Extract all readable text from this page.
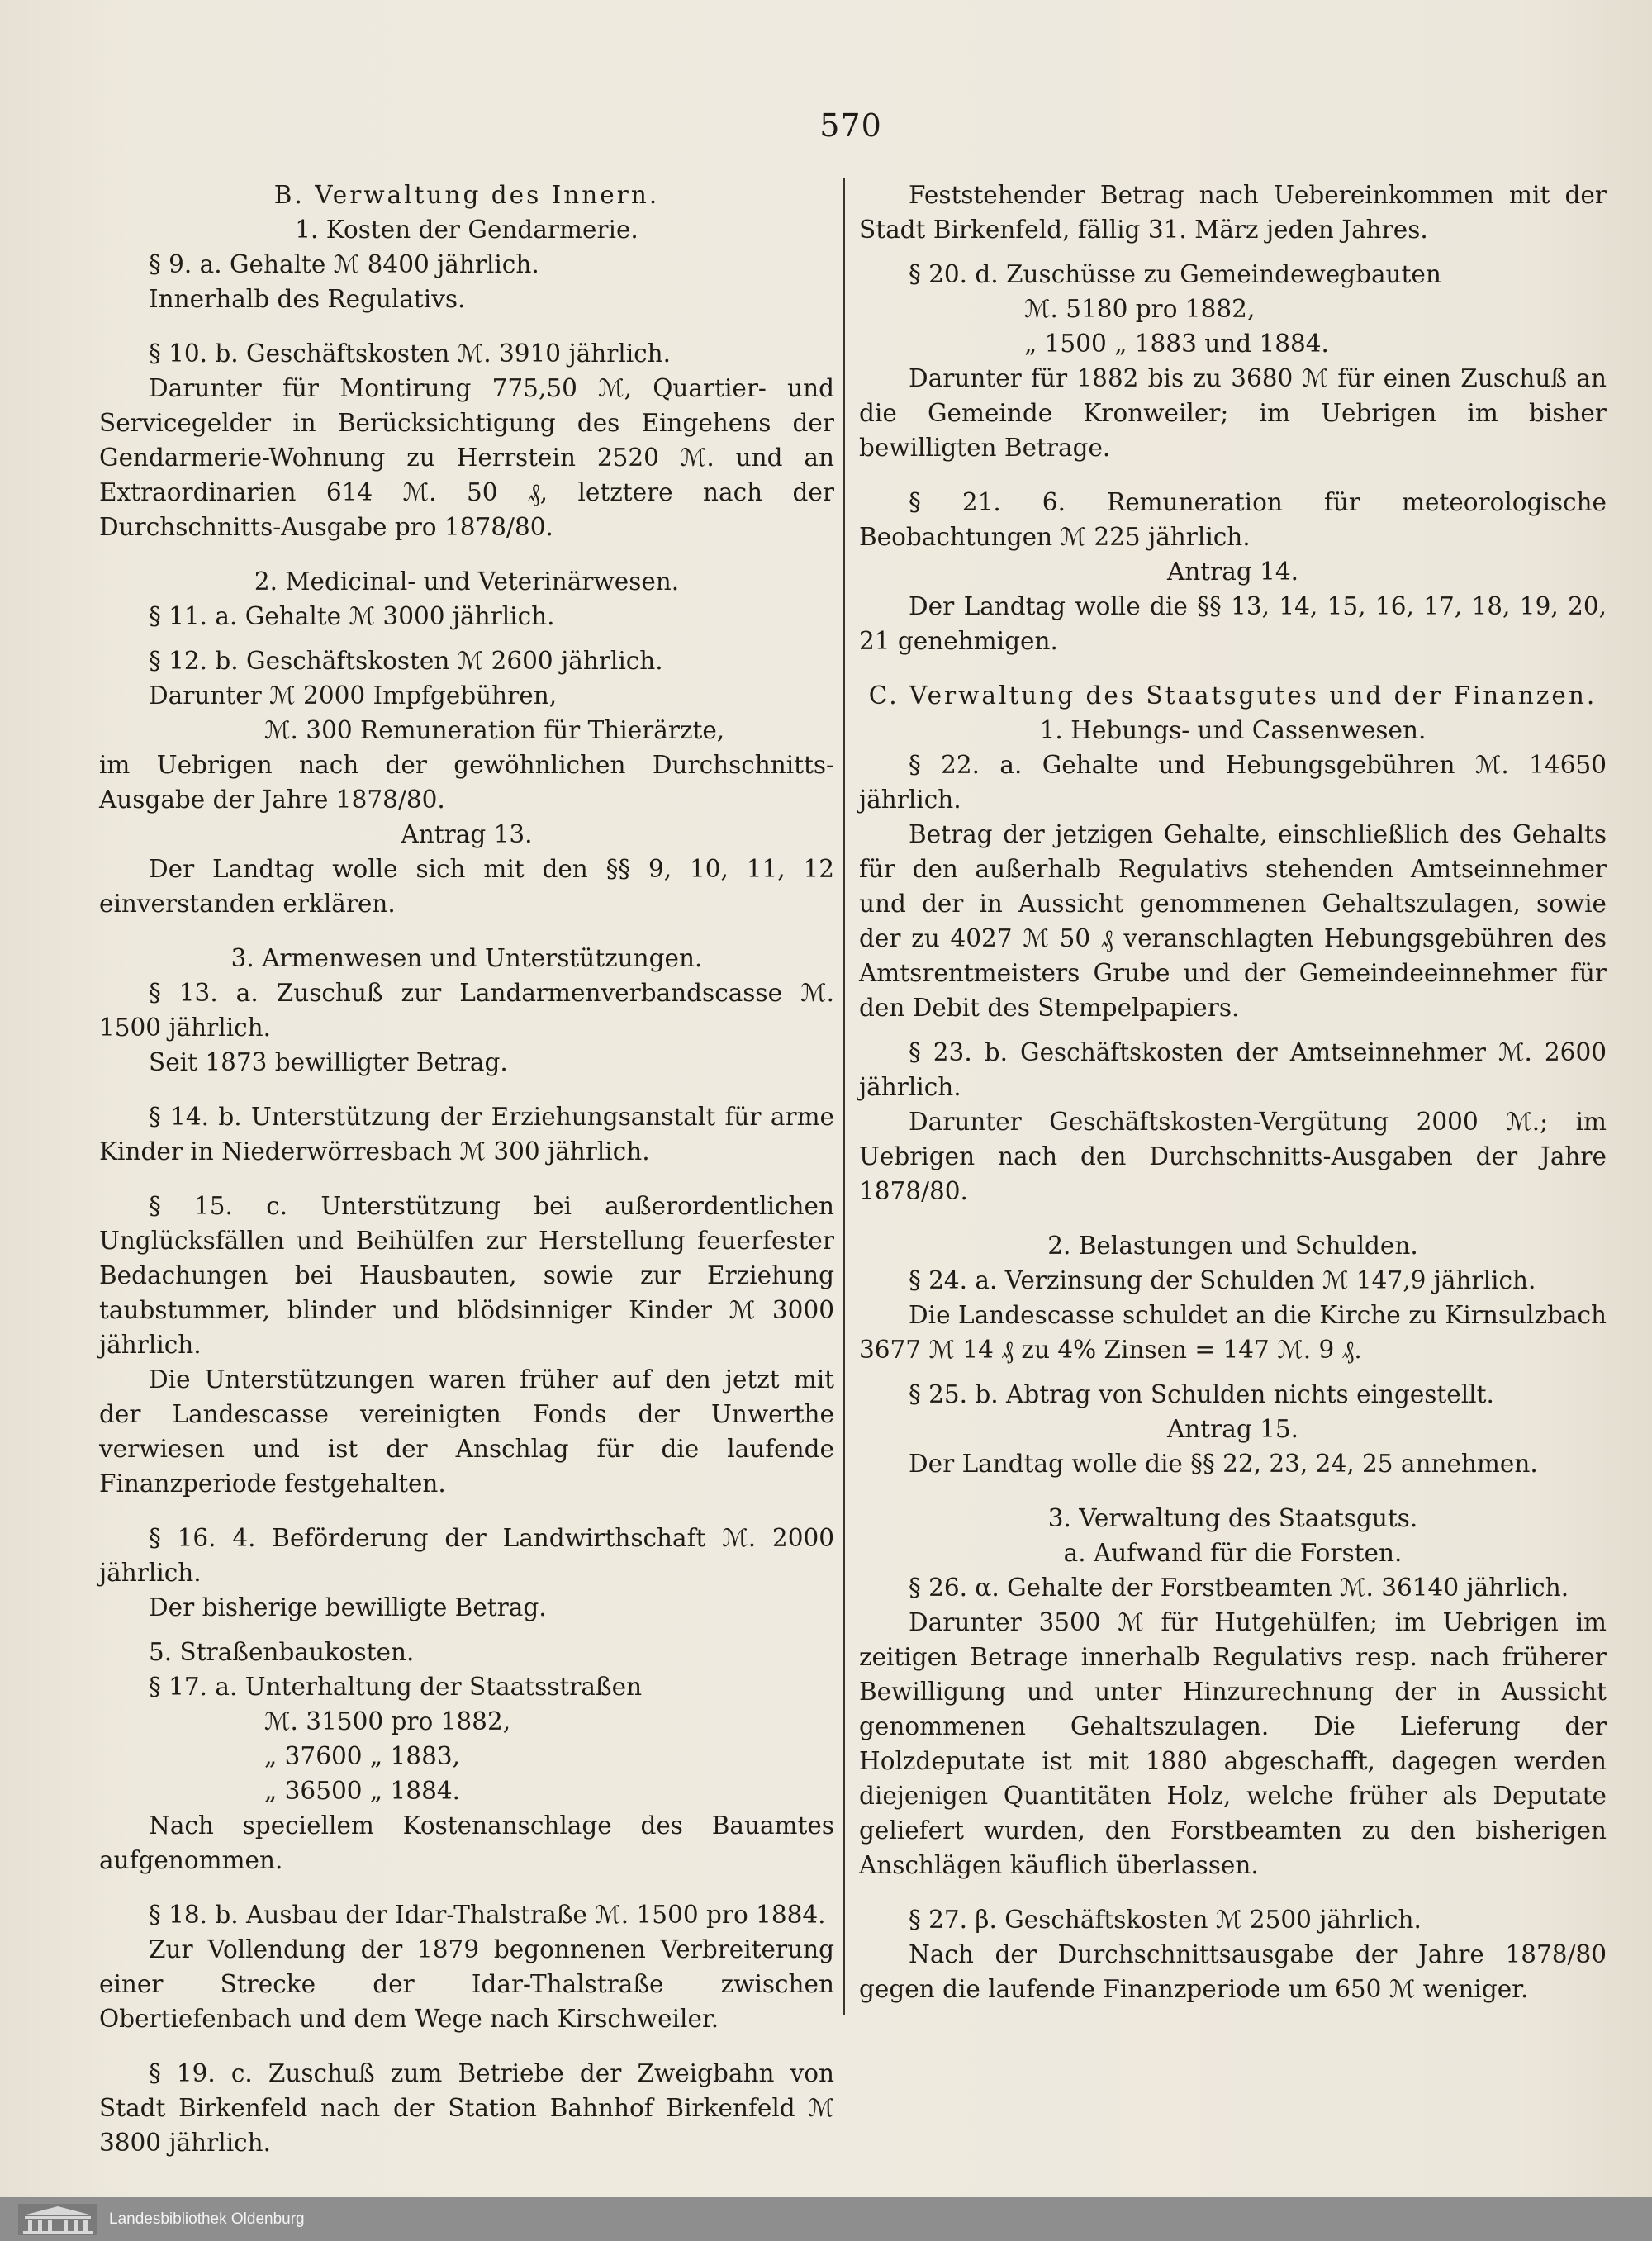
570
B. Verwaltung des Innern.
1. Kosten der Gendarmerie.
§ 9. a. Gehalte ℳ 8400 jährlich.
Innerhalb des Regulativs.
§ 10. b. Geschäftskosten ℳ. 3910 jährlich.
Darunter für Montirung 775,50 ℳ, Quartier- und Servicegelder in Berücksichtigung des Eingehens der Gendarmerie-Wohnung zu Herrstein 2520 ℳ. und an Extraordinarien 614 ℳ. 50 ₰, letztere nach der Durchschnitts-Ausgabe pro 1878/80.
2. Medicinal- und Veterinärwesen.
§ 11. a. Gehalte ℳ 3000 jährlich.
§ 12. b. Geschäftskosten ℳ 2600 jährlich.
Darunter ℳ 2000 Impfgebühren,
ℳ. 300 Remuneration für Thierärzte,
im Uebrigen nach der gewöhnlichen Durchschnitts-Ausgabe der Jahre 1878/80.
Antrag 13.
Der Landtag wolle sich mit den §§ 9, 10, 11, 12 einverstanden erklären.
3. Armenwesen und Unterstützungen.
§ 13. a. Zuschuß zur Landarmenverbandscasse ℳ. 1500 jährlich.
Seit 1873 bewilligter Betrag.
§ 14. b. Unterstützung der Erziehungsanstalt für arme Kinder in Niederwörresbach ℳ 300 jährlich.
§ 15. c. Unterstützung bei außerordentlichen Unglücksfällen und Beihülfen zur Herstellung feuerfester Bedachungen bei Hausbauten, sowie zur Erziehung taubstummer, blinder und blödsinniger Kinder ℳ 3000 jährlich.
Die Unterstützungen waren früher auf den jetzt mit der Landescasse vereinigten Fonds der Unwerthe verwiesen und ist der Anschlag für die laufende Finanzperiode festgehalten.
§ 16. 4. Beförderung der Landwirthschaft ℳ. 2000 jährlich.
Der bisherige bewilligte Betrag.
5. Straßenbaukosten.
§ 17. a. Unterhaltung der Staatsstraßen
ℳ. 31500 pro 1882,
„ 37600 „ 1883,
„ 36500 „ 1884.
Nach speciellem Kostenanschlage des Bauamtes aufgenommen.
§ 18. b. Ausbau der Idar-Thalstraße ℳ. 1500 pro 1884.
Zur Vollendung der 1879 begonnenen Verbreiterung einer Strecke der Idar-Thalstraße zwischen Obertiefenbach und dem Wege nach Kirschweiler.
§ 19. c. Zuschuß zum Betriebe der Zweigbahn von Stadt Birkenfeld nach der Station Bahnhof Birkenfeld ℳ 3800 jährlich.
Feststehender Betrag nach Uebereinkommen mit der Stadt Birkenfeld, fällig 31. März jeden Jahres.
§ 20. d. Zuschüsse zu Gemeindewegbauten
ℳ. 5180 pro 1882,
„ 1500 „ 1883 und 1884.
Darunter für 1882 bis zu 3680 ℳ für einen Zuschuß an die Gemeinde Kronweiler; im Uebrigen im bisher bewilligten Betrage.
§ 21. 6. Remuneration für meteorologische Beobachtungen ℳ 225 jährlich.
Antrag 14.
Der Landtag wolle die §§ 13, 14, 15, 16, 17, 18, 19, 20, 21 genehmigen.
C. Verwaltung des Staatsgutes und der Finanzen.
1. Hebungs- und Cassenwesen.
§ 22. a. Gehalte und Hebungsgebühren ℳ. 14650 jährlich.
Betrag der jetzigen Gehalte, einschließlich des Gehalts für den außerhalb Regulativs stehenden Amtseinnehmer und der in Aussicht genommenen Gehaltszulagen, sowie der zu 4027 ℳ 50 ₰ veranschlagten Hebungsgebühren des Amtsrentmeisters Grube und der Gemeindeeinnehmer für den Debit des Stempelpapiers.
§ 23. b. Geschäftskosten der Amtseinnehmer ℳ. 2600 jährlich.
Darunter Geschäftskosten-Vergütung 2000 ℳ.; im Uebrigen nach den Durchschnitts-Ausgaben der Jahre 1878/80.
2. Belastungen und Schulden.
§ 24. a. Verzinsung der Schulden ℳ 147,9 jährlich.
Die Landescasse schuldet an die Kirche zu Kirnsulzbach 3677 ℳ 14 ₰ zu 4% Zinsen = 147 ℳ. 9 ₰.
§ 25. b. Abtrag von Schulden nichts eingestellt.
Antrag 15.
Der Landtag wolle die §§ 22, 23, 24, 25 annehmen.
3. Verwaltung des Staatsguts.
a. Aufwand für die Forsten.
§ 26. α. Gehalte der Forstbeamten ℳ. 36140 jährlich.
Darunter 3500 ℳ für Hutgehülfen; im Uebrigen im zeitigen Betrage innerhalb Regulativs resp. nach früherer Bewilligung und unter Hinzurechnung der in Aussicht genommenen Gehaltszulagen. Die Lieferung der Holzdeputate ist mit 1880 abgeschafft, dagegen werden diejenigen Quantitäten Holz, welche früher als Deputate geliefert wurden, den Forstbeamten zu den bisherigen Anschlägen käuflich überlassen.
§ 27. β. Geschäftskosten ℳ 2500 jährlich.
Nach der Durchschnittsausgabe der Jahre 1878/80 gegen die laufende Finanzperiode um 650 ℳ weniger.
Landesbibliothek Oldenburg
